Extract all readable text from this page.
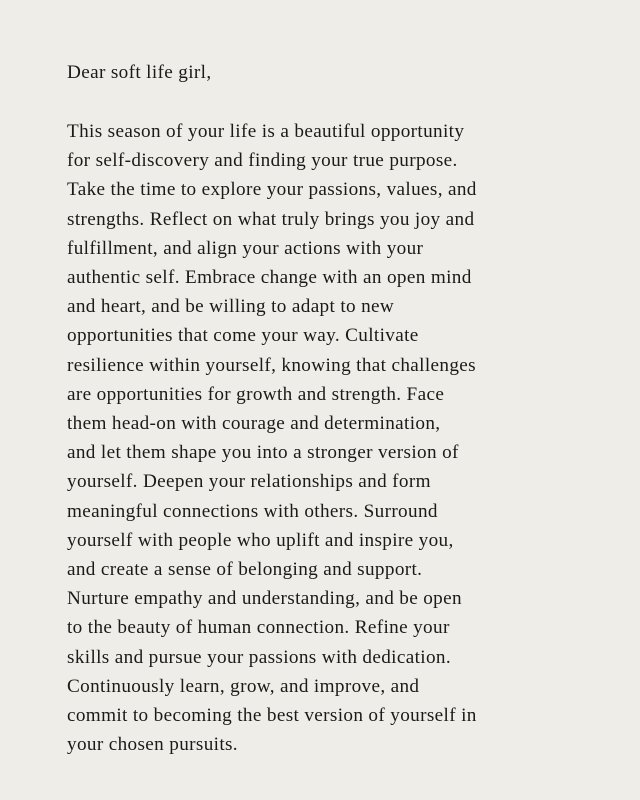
Dear soft life girl,

This season of your life is a beautiful opportunity
for self-discovery and finding your true purpose.
Take the time to explore your passions, values, and
strengths. Reflect on what truly brings you joy and
fulfillment, and align your actions with your
authentic self. Embrace change with an open mind
and heart, and be willing to adapt to new
opportunities that come your way. Cultivate
resilience within yourself, knowing that challenges
are opportunities for growth and strength. Face
them head-on with courage and determination,
and let them shape you into a stronger version of
yourself. Deepen your relationships and form
meaningful connections with others. Surround
yourself with people who uplift and inspire you,
and create a sense of belonging and support.
Nurture empathy and understanding, and be open
to the beauty of human connection. Refine your
skills and pursue your passions with dedication.
Continuously learn, grow, and improve, and
commit to becoming the best version of yourself in
your chosen pursuits.
